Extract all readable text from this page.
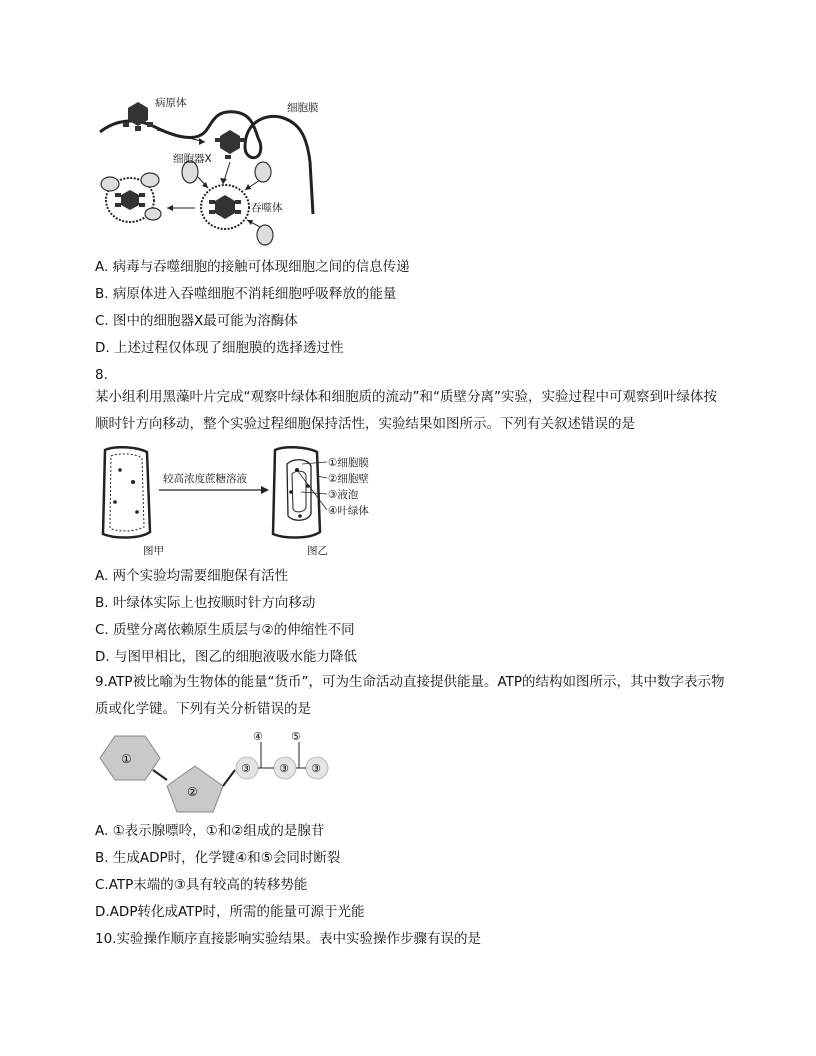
病原体	细胞膜
细胞器X
吞噬体
A. 病毒与吞噬细胞的接触可体现细胞之间的信息传递
B. 病原体进入吞噬细胞不消耗细胞呼吸释放的能量
C. 图中的细胞器X最可能为溶酶体
D. 上述过程仅体现了细胞膜的选择透过性
8.
某小组利用黑藻叶片完成“观察叶绿体和细胞质的流动”和“质壁分离”实验，实验过程中可观察到叶绿体按顺时针方向移动，整个实验过程细胞保持活性，实验结果如图所示。下列有关叙述错误的是
较高浓度蔗糖溶液
①细胞膜
②细胞壁
③液泡
④叶绿体
图甲	图乙
A. 两个实验均需要细胞保有活性
B. 叶绿体实际上也按顺时针方向移动
C. 质壁分离依赖原生质层与②的伸缩性不同
D. 与图甲相比，图乙的细胞液吸水能力降低
9.ATP被比喻为生物体的能量“货币”，可为生命活动直接提供能量。ATP的结构如图所示，其中数字表示物质或化学键。下列有关分析错误的是
①
②
③	③ ③
④	⑤
A. ①表示腺嘌呤，①和②组成的是腺苷
B. 生成ADP时，化学键④和⑤会同时断裂
C.ATP末端的③具有较高的转移势能
D.ADP转化成ATP时，所需的能量可源于光能
10.实验操作顺序直接影响实验结果。表中实验操作步骤有误的是
